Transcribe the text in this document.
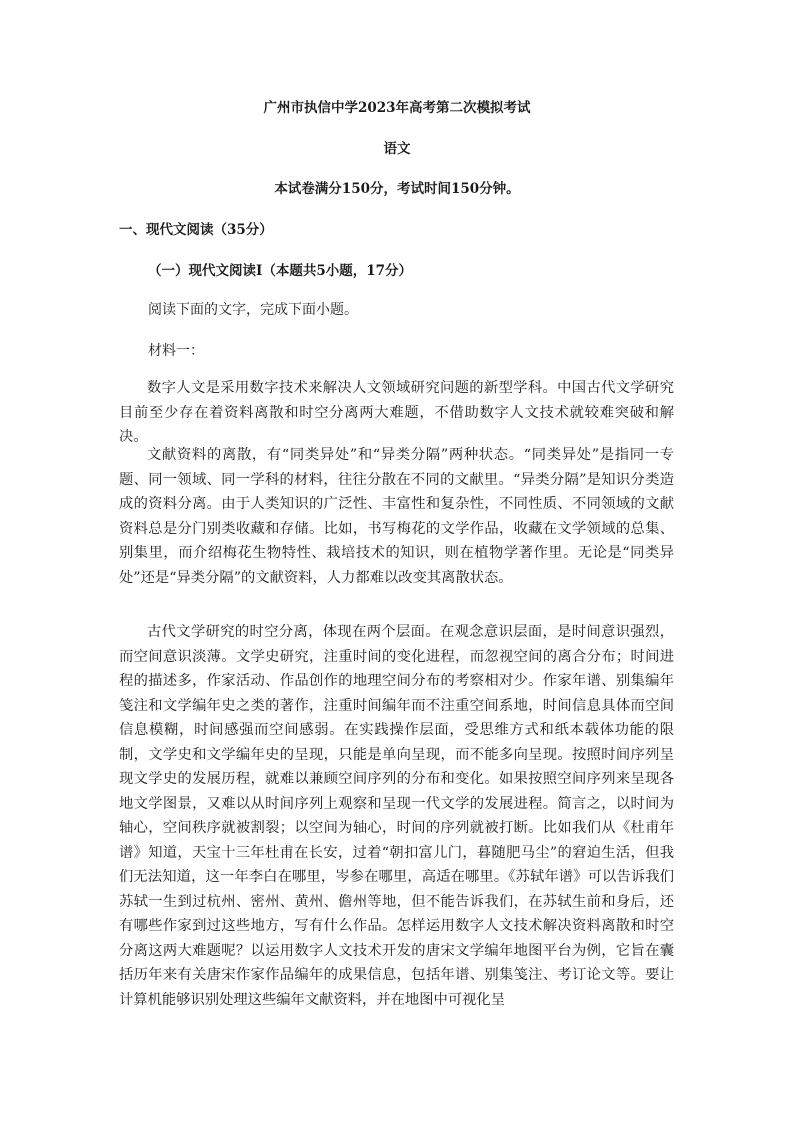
广州市执信中学2023年高考第二次模拟考试
语文
本试卷满分150分，考试时间150分钟。
一、现代文阅读（35分）
（一）现代文阅读Ⅰ（本题共5小题，17分）
阅读下面的文字，完成下面小题。
材料一：

数字人文是采用数字技术来解决人文领域研究问题的新型学科。中国古代文学研究目前至少存在着资料离散和时空分离两大难题，不借助数字人文技术就较难突破和解决。

文献资料的离散，有“同类异处”和“异类分隔”两种状态。“同类异处”是指同一专题、同一领域、同一学科的材料，往往分散在不同的文献里。“异类分隔”是知识分类造成的资料分离。由于人类知识的广泛性、丰富性和复杂性，不同性质、不同领域的文献资料总是分门别类收藏和存储。比如，书写梅花的文学作品，收藏在文学领域的总集、别集里，而介绍梅花生物特性、栽培技术的知识，则在植物学著作里。无论是“同类异处”还是“异类分隔”的文献资料，人力都难以改变其离散状态。

古代文学研究的时空分离，体现在两个层面。在观念意识层面，是时间意识强烈，而空间意识淡薄。文学史研究，注重时间的变化进程，而忽视空间的离合分布；时间进程的描述多，作家活动、作品创作的地理空间分布的考察相对少。作家年谱、别集编年笺注和文学编年史之类的著作，注重时间编年而不注重空间系地，时间信息具体而空间信息模糊，时间感强而空间感弱。在实践操作层面，受思维方式和纸本载体功能的限制，文学史和文学编年史的呈现，只能是单向呈现，而不能多向呈现。按照时间序列呈现文学史的发展历程，就难以兼顾空间序列的分布和变化。如果按照空间序列来呈现各地文学图景，又难以从时间序列上观察和呈现一代文学的发展进程。简言之，以时间为轴心，空间秩序就被割裂；以空间为轴心，时间的序列就被打断。比如我们从《杜甫年谱》知道，天宝十三年杜甫在长安，过着“朝扣富儿门，暮随肥马尘”的窘迫生活，但我们无法知道，这一年李白在哪里，岑参在哪里，高适在哪里。《苏轼年谱》可以告诉我们苏轼一生到过杭州、密州、黄州、儋州等地，但不能告诉我们，在苏轼生前和身后，还有哪些作家到过这些地方，写有什么作品。怎样运用数字人文技术解决资料离散和时空分离这两大难题呢？以运用数字人文技术开发的唐宋文学编年地图平台为例，它旨在囊括历年来有关唐宋作家作品编年的成果信息，包括年谱、别集笺注、考订论文等。要让计算机能够识别处理这些编年文献资料，并在地图中可视化呈
